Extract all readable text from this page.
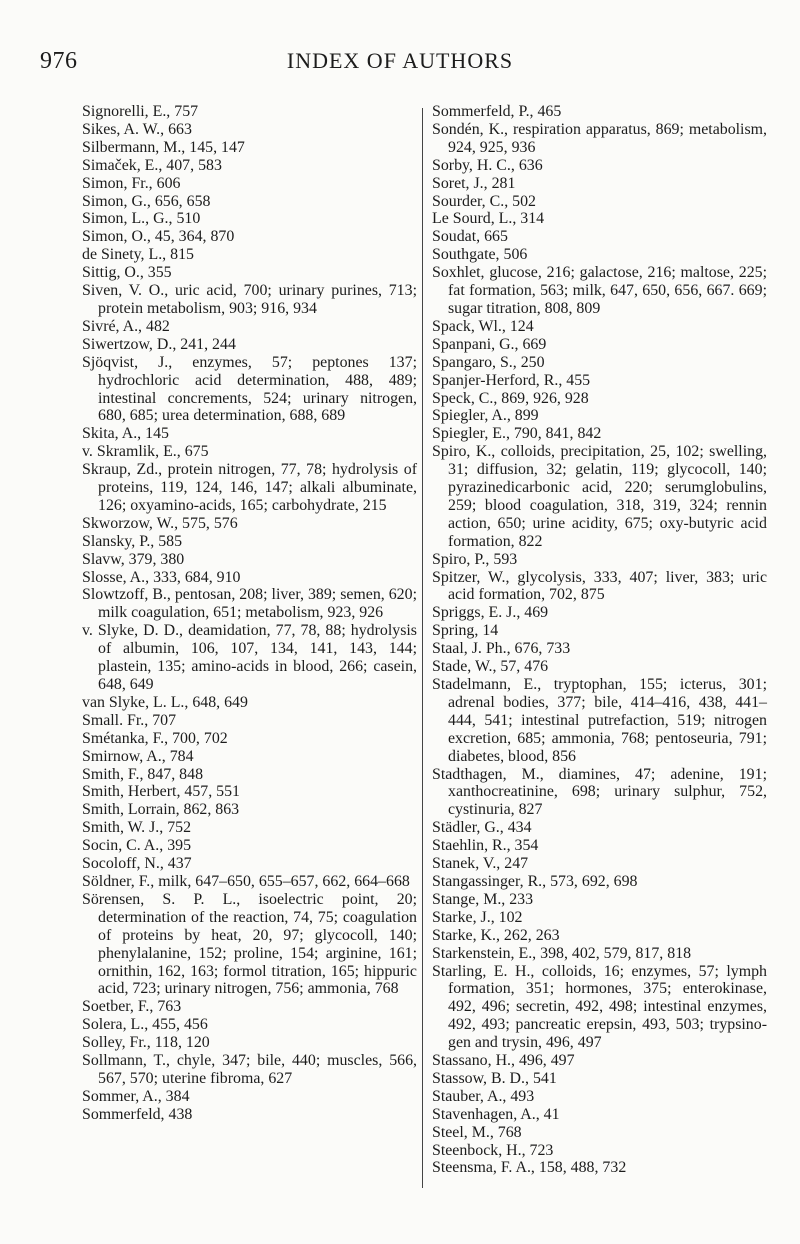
976	INDEX OF AUTHORS

Signorelli, E., 757

Sikes, A. W., 663

Silbermann, M., 145, 147

Simaček, E., 407, 583

Simon, Fr., 606

Simon, G., 656, 658

Simon, L., G., 510

Simon, O., 45, 364, 870

de Sinety, L., 815

Sittig, O., 355

Siven, V. O., uric acid, 700; urinary purines, 713; protein metabolism, 903; 916, 934

Sivré, A., 482

Siwertzow, D., 241, 244

Sjöqvist, J., enzymes, 57; peptones 137; hydrochloric acid determination, 488, 489; intestinal concrements, 524; urinary nitrogen, 680, 685; urea determination, 688, 689

Skita, A., 145

v. Skramlik, E., 675

Skraup, Zd., protein nitrogen, 77, 78; hydrolysis of proteins, 119, 124, 146, 147; alkali albuminate, 126; oxyamino-acids, 165; carbohydrate, 215

Skworzow, W., 575, 576

Slansky, P., 585

Slavw, 379, 380

Slosse, A., 333, 684, 910

Slowtzoff, B., pentosan, 208; liver, 389; semen, 620; milk coagulation, 651; metabolism, 923, 926

v. Slyke, D. D., deamidation, 77, 78, 88; hydrolysis of albumin, 106, 107, 134, 141, 143, 144; plastein, 135; amino-acids in blood, 266; casein, 648, 649

van Slyke, L. L., 648, 649

Small. Fr., 707

Smétanka, F., 700, 702

Smirnow, A., 784

Smith, F., 847, 848

Smith, Herbert, 457, 551

Smith, Lorrain, 862, 863

Smith, W. J., 752

Socin, C. A., 395

Socoloff, N., 437

Söldner, F., milk, 647–650, 655–657, 662, 664–668

Sörensen, S. P. L., isoelectric point, 20; determination of the reaction, 74, 75; coagulation of proteins by heat, 20, 97; glycocoll, 140; phenylalanine, 152; proline, 154; arginine, 161; ornithin, 162, 163; formol titration, 165; hippuric acid, 723; urinary nitrogen, 756; ammonia, 768

Soetber, F., 763

Solera, L., 455, 456

Solley, Fr., 118, 120

Sollmann, T., chyle, 347; bile, 440; muscles, 566, 567, 570; uterine fibroma, 627

Sommer, A., 384

Sommerfeld, 438

Sommerfeld, P., 465

Sondén, K., respiration apparatus, 869; metabolism, 924, 925, 936

Sorby, H. C., 636

Soret, J., 281

Sourder, C., 502

Le Sourd, L., 314

Soudat, 665

Southgate, 506

Soxhlet, glucose, 216; galactose, 216; maltose, 225; fat formation, 563; milk, 647, 650, 656, 667. 669; sugar titration, 808, 809

Spack, Wl., 124

Spanpani, G., 669

Spangaro, S., 250

Spanjer-Herford, R., 455

Speck, C., 869, 926, 928

Spiegler, A., 899

Spiegler, E., 790, 841, 842

Spiro, K., colloids, precipitation, 25, 102; swelling, 31; diffusion, 32; gelatin, 119; glycocoll, 140; pyrazinedicarbonic acid, 220; serumglobulins, 259; blood coagulation, 318, 319, 324; rennin action, 650; urine acidity, 675; oxy-butyric acid formation, 822

Spiro, P., 593

Spitzer, W., glycolysis, 333, 407; liver, 383; uric acid formation, 702, 875

Spriggs, E. J., 469

Spring, 14

Staal, J. Ph., 676, 733

Stade, W., 57, 476

Stadelmann, E., tryptophan, 155; icterus, 301; adrenal bodies, 377; bile, 414–416, 438, 441–444, 541; intestinal putrefaction, 519; nitrogen excretion, 685; ammonia, 768; pentoseuria, 791; diabetes, blood, 856

Stadthagen, M., diamines, 47; adenine, 191; xanthocreatinine, 698; urinary sulphur, 752, cystinuria, 827

Städler, G., 434

Staehlin, R., 354

Stanek, V., 247

Stangassinger, R., 573, 692, 698

Stange, M., 233

Starke, J., 102

Starke, K., 262, 263

Starkenstein, E., 398, 402, 579, 817, 818

Starling, E. H., colloids, 16; enzymes, 57; lymph formation, 351; hormones, 375; enterokinase, 492, 496; secretin, 492, 498; intestinal enzymes, 492, 493; pancreatic erepsin, 493, 503; trypsino-gen and trysin, 496, 497

Stassano, H., 496, 497

Stassow, B. D., 541

Stauber, A., 493

Stavenhagen, A., 41

Steel, M., 768

Steenbock, H., 723

Steensma, F. A., 158, 488, 732
